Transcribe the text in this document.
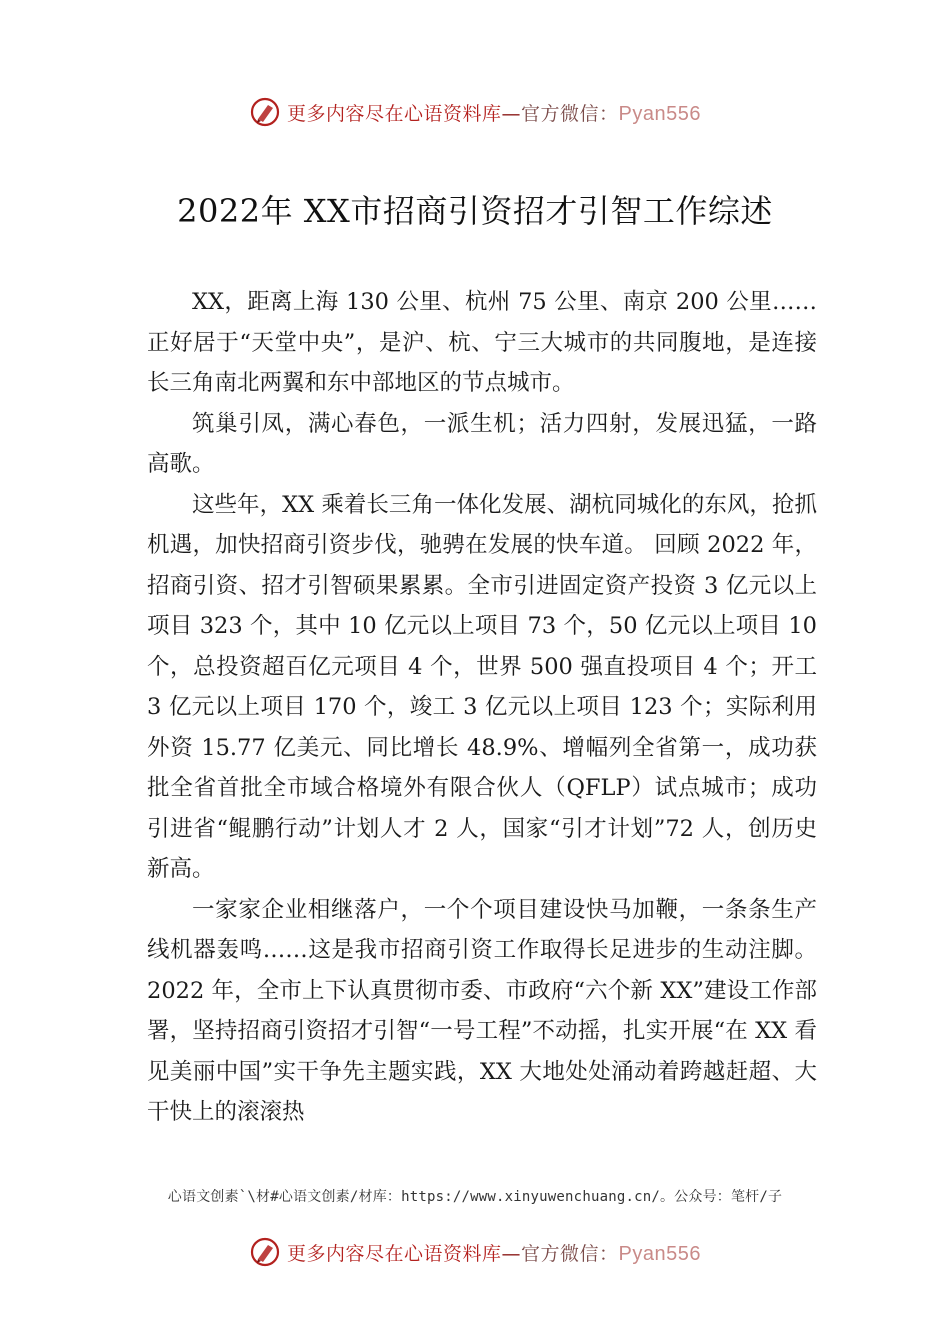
更多内容尽在心语资料库—官方微信：Pyan556
2022年 XX市招商引资招才引智工作综述

XX，距离上海 130 公里、杭州 75 公里、南京 200 公里……正好居于“天堂中央”，是沪、杭、宁三大城市的共同腹地，是连接长三角南北两翼和东中部地区的节点城市。

筑巢引凤，满心春色，一派生机；活力四射，发展迅猛，一路高歌。

这些年，XX 乘着长三角一体化发展、湖杭同城化的东风，抢抓机遇，加快招商引资步伐，驰骋在发展的快车道。 回顾 2022 年，招商引资、招才引智硕果累累。全市引进固定资产投资 3 亿元以上项目 323 个，其中 10 亿元以上项目 73 个，50 亿元以上项目 10 个，总投资超百亿元项目 4 个，世界 500 强直投项目 4 个；开工 3 亿元以上项目 170 个，竣工 3 亿元以上项目 123 个；实际利用外资 15.77 亿美元、同比增长 48.9%、增幅列全省第一，成功获批全省首批全市域合格境外有限合伙人（QFLP）试点城市；成功引进省“鲲鹏行动”计划人才 2 人，国家“引才计划”72 人，创历史新高。

一家家企业相继落户，一个个项目建设快马加鞭，一条条生产线机器轰鸣……这是我市招商引资工作取得长足进步的生动注脚。2022 年，全市上下认真贯彻市委、市政府“六个新 XX”建设工作部署，坚持招商引资招才引智“一号工程”不动摇，扎实开展“在 XX 看见美丽中国”实干争先主题实践，XX 大地处处涌动着跨越赶超、大干快上的滚滚热

心语文创素`\材#心语文创素/材库：https://www.xinyuwenchuang.cn/。公众号：笔杆/子
更多内容尽在心语资料库—官方微信：Pyan556
